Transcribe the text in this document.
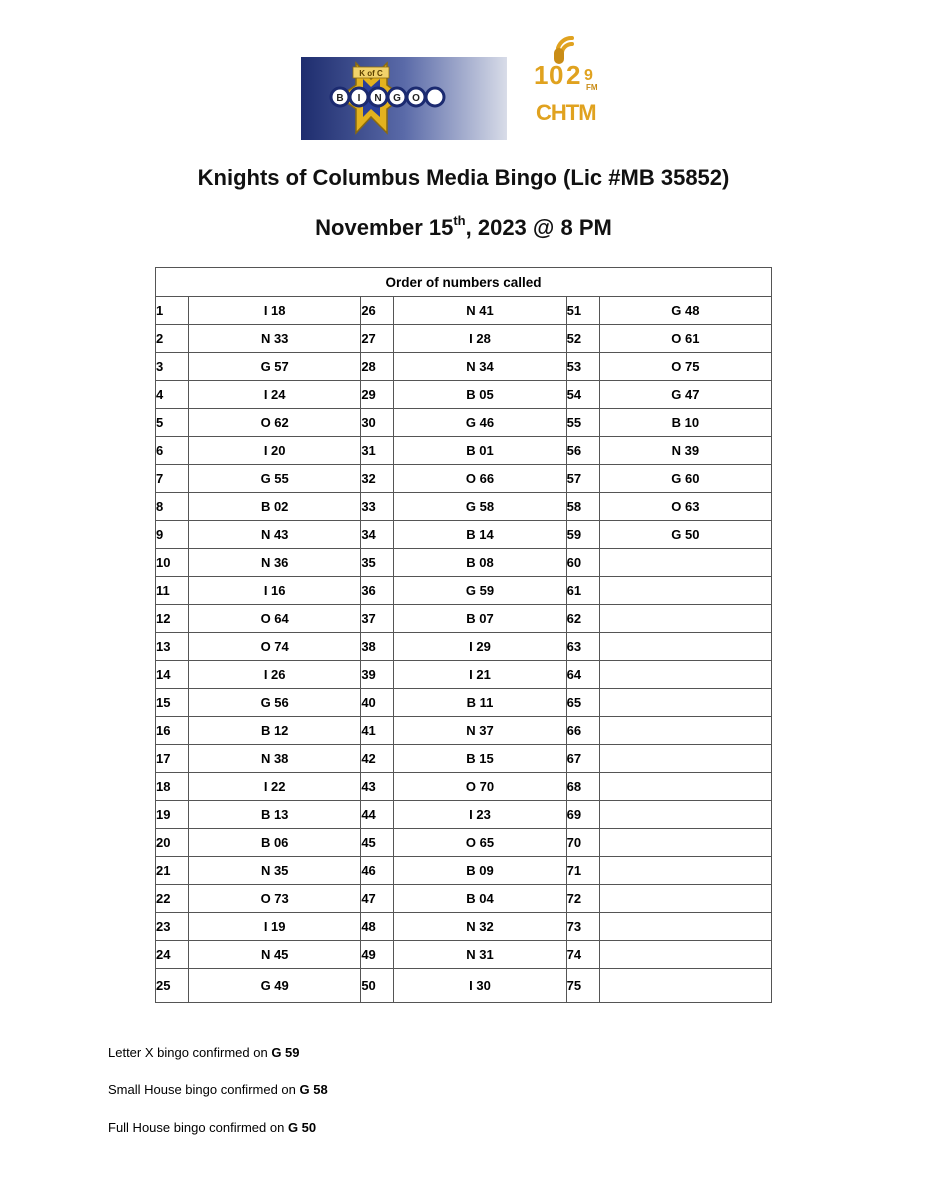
K of C
B I N G O
1 0 2 9
FM
CHTM
Knights of Columbus Media Bingo (Lic #MB 35852)
November 15th, 2023 @ 8 PM
Order of numbers called					
1	I 18	26	N 41	51	G 48
2	N 33	27	I 28	52	O 61
3	G 57	28	N 34	53	O 75
4	I 24	29	B 05	54	G 47
5	O 62	30	G 46	55	B 10
6	I 20	31	B 01	56	N 39
7	G 55	32	O 66	57	G 60
8	B 02	33	G 58	58	O 63
9	N 43	34	B 14	59	G 50
10	N 36	35	B 08	60	
11	I 16	36	G 59	61	
12	O 64	37	B 07	62	
13	O 74	38	I 29	63	
14	I 26	39	I 21	64	
15	G 56	40	B 11	65	
16	B 12	41	N 37	66	
17	N 38	42	B 15	67	
18	I 22	43	O 70	68	
19	B 13	44	I 23	69	
20	B 06	45	O 65	70	
21	N 35	46	B 09	71	
22	O 73	47	B 04	72	
23	I 19	48	N 32	73	
24	N 45	49	N 31	74	
25	G 49	50	I 30	75	

Letter X bingo confirmed on G 59

Small House bingo confirmed on G 58

Full House bingo confirmed on G 50
